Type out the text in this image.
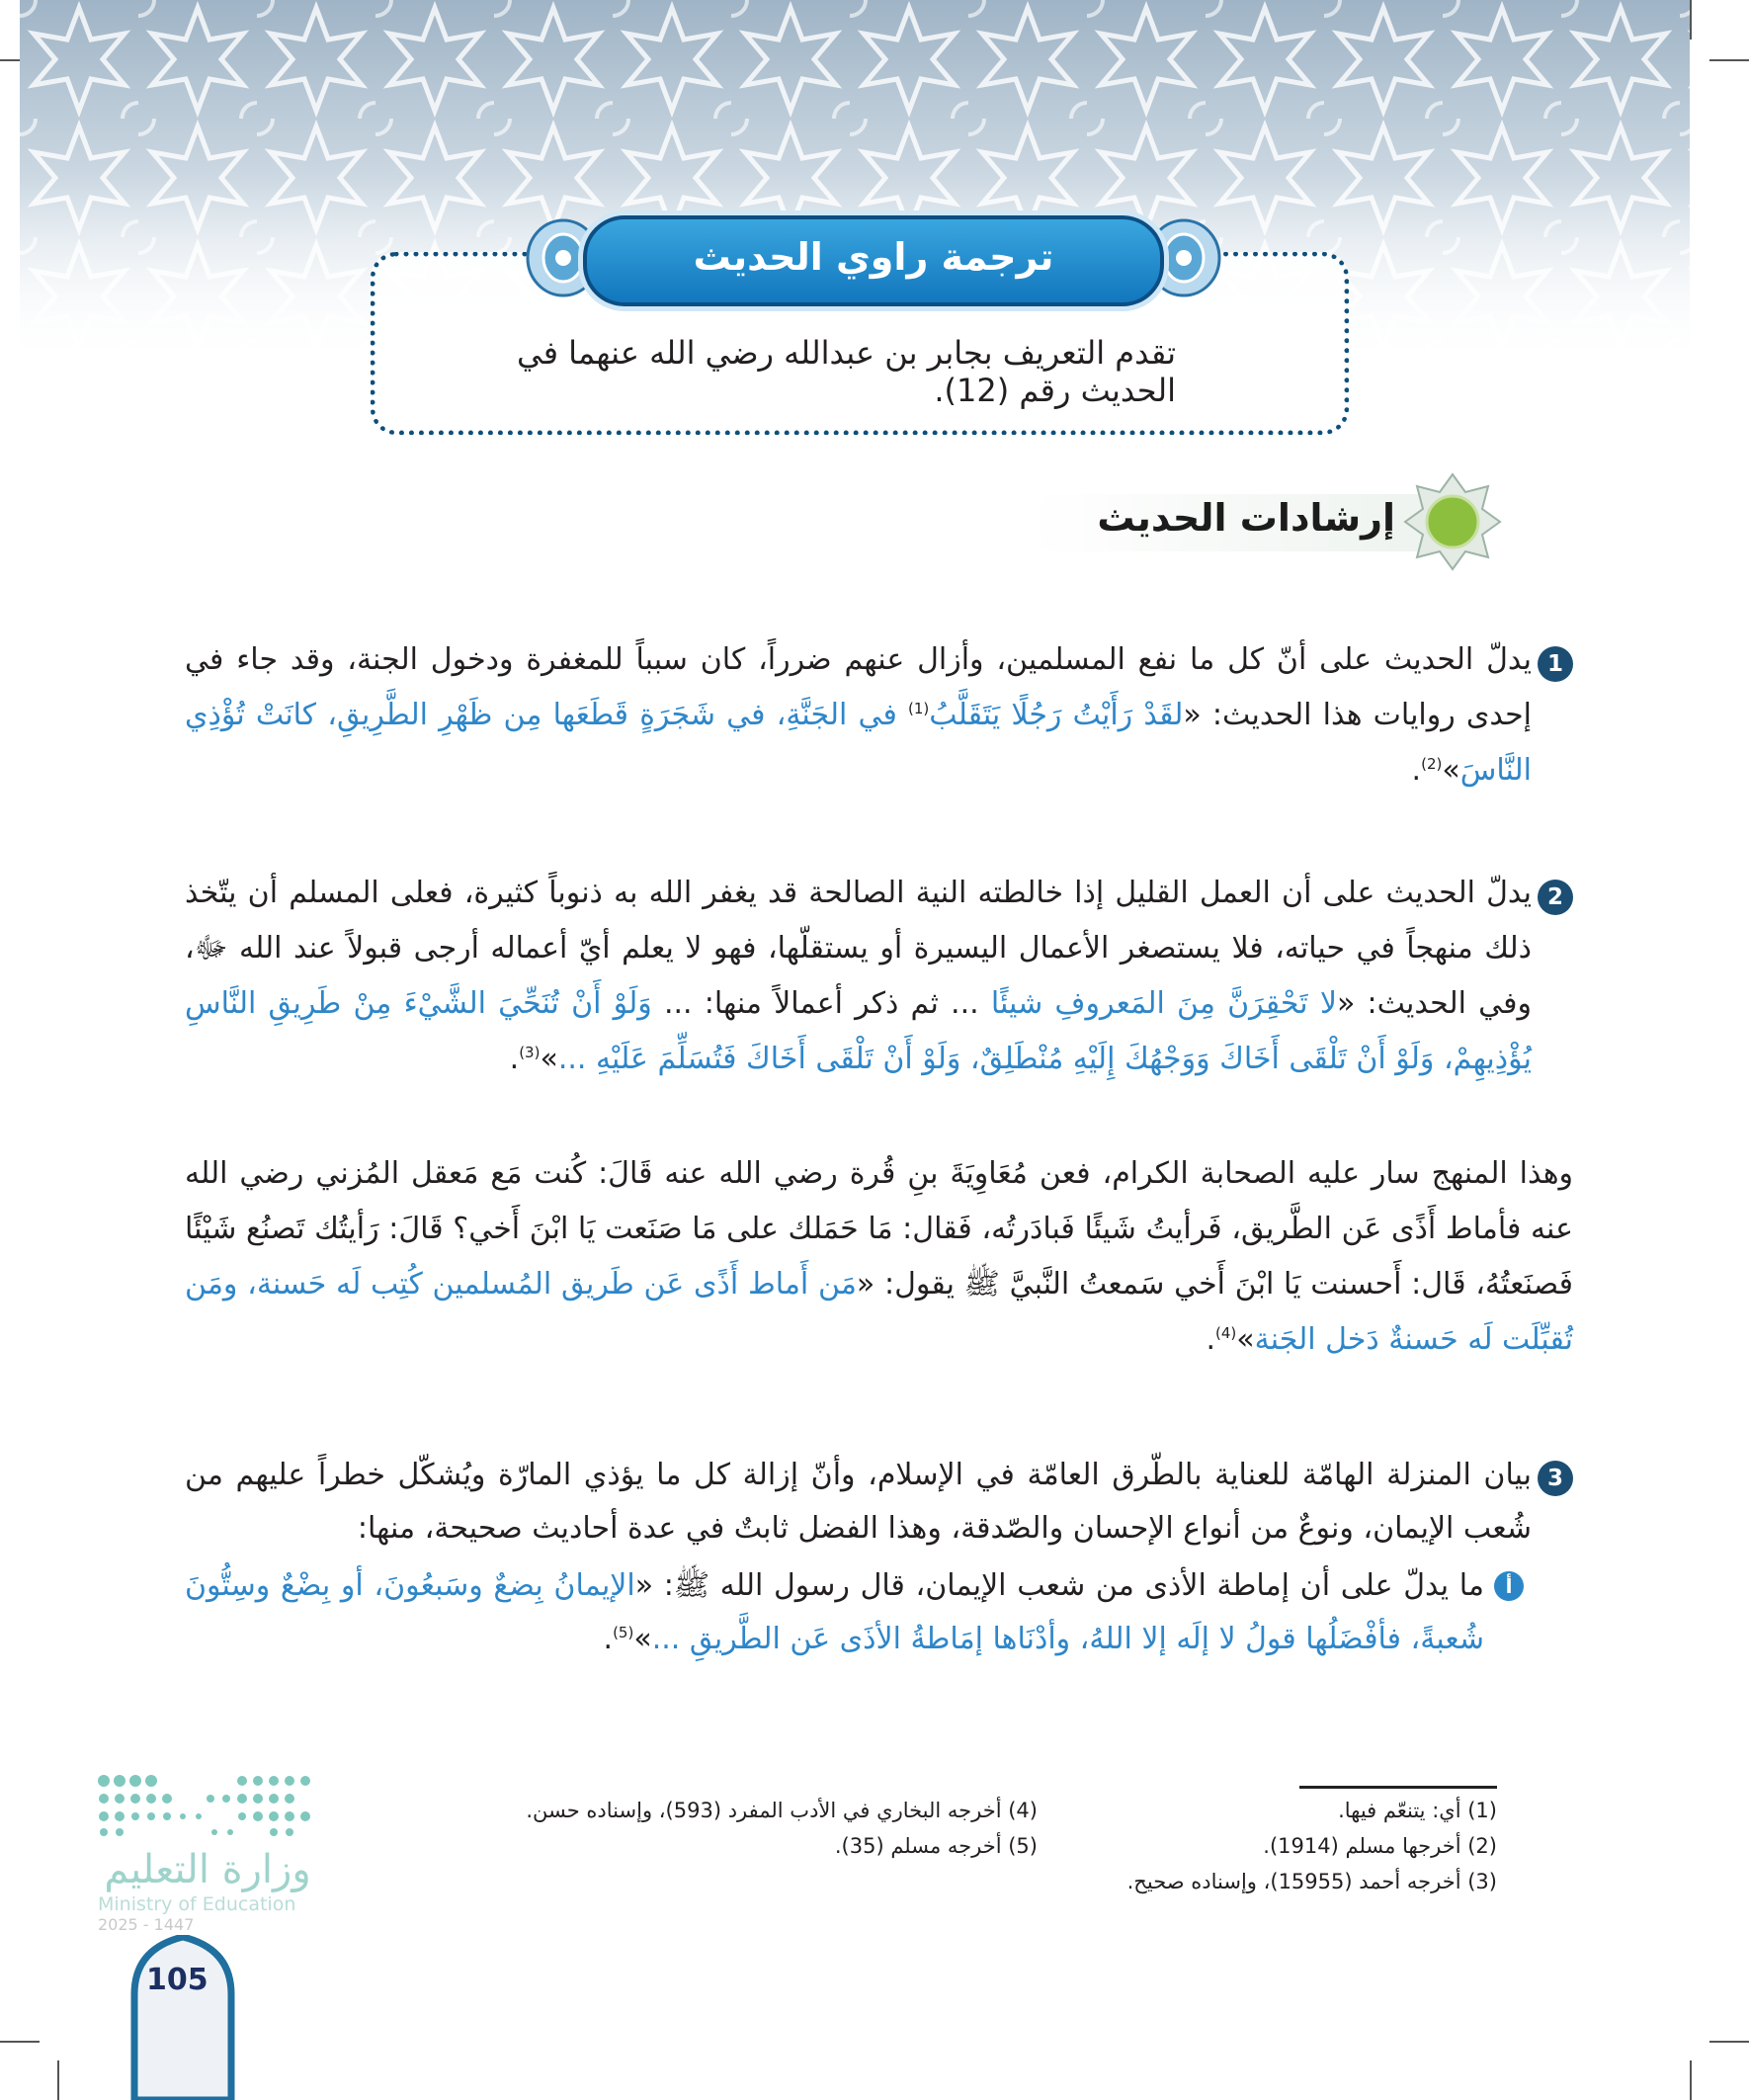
ترجمة راوي الحديث
تقدم التعريف بجابر بن عبدالله رضي الله عنهما في الحديث رقم (12).
إرشادات الحديث
1

يدلّ الحديث على أنّ كل ما نفع المسلمين، وأزال عنهم ضرراً، كان سبباً للمغفرة ودخول الجنة، وقد جاء في إحدى روايات هذا الحديث: «لقَدْ رَأَيْتُ رَجُلًا يَتَقَلَّبُ$^{(1)}$ في الجَنَّةِ، في شَجَرَةٍ قَطَعَها مِن ظَهْرِ الطَّرِيقِ، كانَتْ تُؤْذِي النَّاسَ»$^{(2)}$.

2

يدلّ الحديث على أن العمل القليل إذا خالطته النية الصالحة قد يغفر الله به ذنوباً كثيرة، فعلى المسلم أن يتّخذ ذلك منهجاً في حياته، فلا يستصغر الأعمال اليسيرة أو يستقلّها، فهو لا يعلم أيّ أعماله أرجى قبولاً عند الله ﷻ، وفي الحديث: «لا تَحْقِرَنَّ مِنَ المَعروفِ شيئًا ... ثم ذكر أعمالاً منها: ... وَلَوْ أَنْ تُنَحِّيَ الشَّيْءَ مِنْ طَرِيقِ النَّاسِ يُؤْذِيهِمْ، وَلَوْ أَنْ تَلْقَى أَخَاكَ وَوَجْهُكَ إِلَيْهِ مُنْطَلِقٌ، وَلَوْ أَنْ تَلْقَى أَخَاكَ فَتُسَلِّمَ عَلَيْهِ ...»$^{(3)}$.

وهذا المنهج سار عليه الصحابة الكرام، فعن مُعَاوِيَةَ بنِ قُرة رضي الله عنه قَالَ: كُنت مَع مَعقل المُزني رضي الله عنه فأماط أَذًى عَن الطَّريق، فَرأيتُ شَيئًا فَبادَرتُه، فَقال: مَا حَمَلك على مَا صَنَعت يَا ابْنَ أَخي؟ قَالَ: رَأيتُك تَصنُع شَيْئًا فَصنَعتُهُ، قَال: أَحسنت يَا ابْنَ أَخي سَمعتُ النَّبيَّ ﷺ يقول: «مَن أَماط أَذًى عَن طَريق المُسلمين كُتِب لَه حَسنة، ومَن تُقبِّلَت لَه حَسنةٌ دَخل الجَنة»$^{(4)}$.

3

بيان المنزلة الهامّة للعناية بالطّرق العامّة في الإسلام، وأنّ إزالة كل ما يؤذي المارّة ويُشكّل خطراً عليهم من شُعب الإيمان، ونوعٌ من أنواع الإحسان والصّدقة، وهذا الفضل ثابتٌ في عدة أحاديث صحيحة، منها:

أ

ما يدلّ على أن إماطة الأذى من شعب الإيمان، قال رسول الله ﷺ: «الإيمانُ بِضعٌ وسَبعُونَ، أو بِضْعٌ وسِتُّونَ شُعبةً، فأفْضَلُها قولُ لا إلَه إلا اللهُ، وأدْنَاها إمَاطةُ الأذَى عَن الطَّريقِ ...»$^{(5)}$.

(1) أي: يتنعّم فيها.
(2) أخرجها مسلم (1914).
(3) أخرجه أحمد (15955)، وإسناده صحيح.
(4) أخرجه البخاري في الأدب المفرد (593)، وإسناده حسن.
(5) أخرجه مسلم (35).
وزارة التعليم
Ministry of Education
2025 - 1447
105
